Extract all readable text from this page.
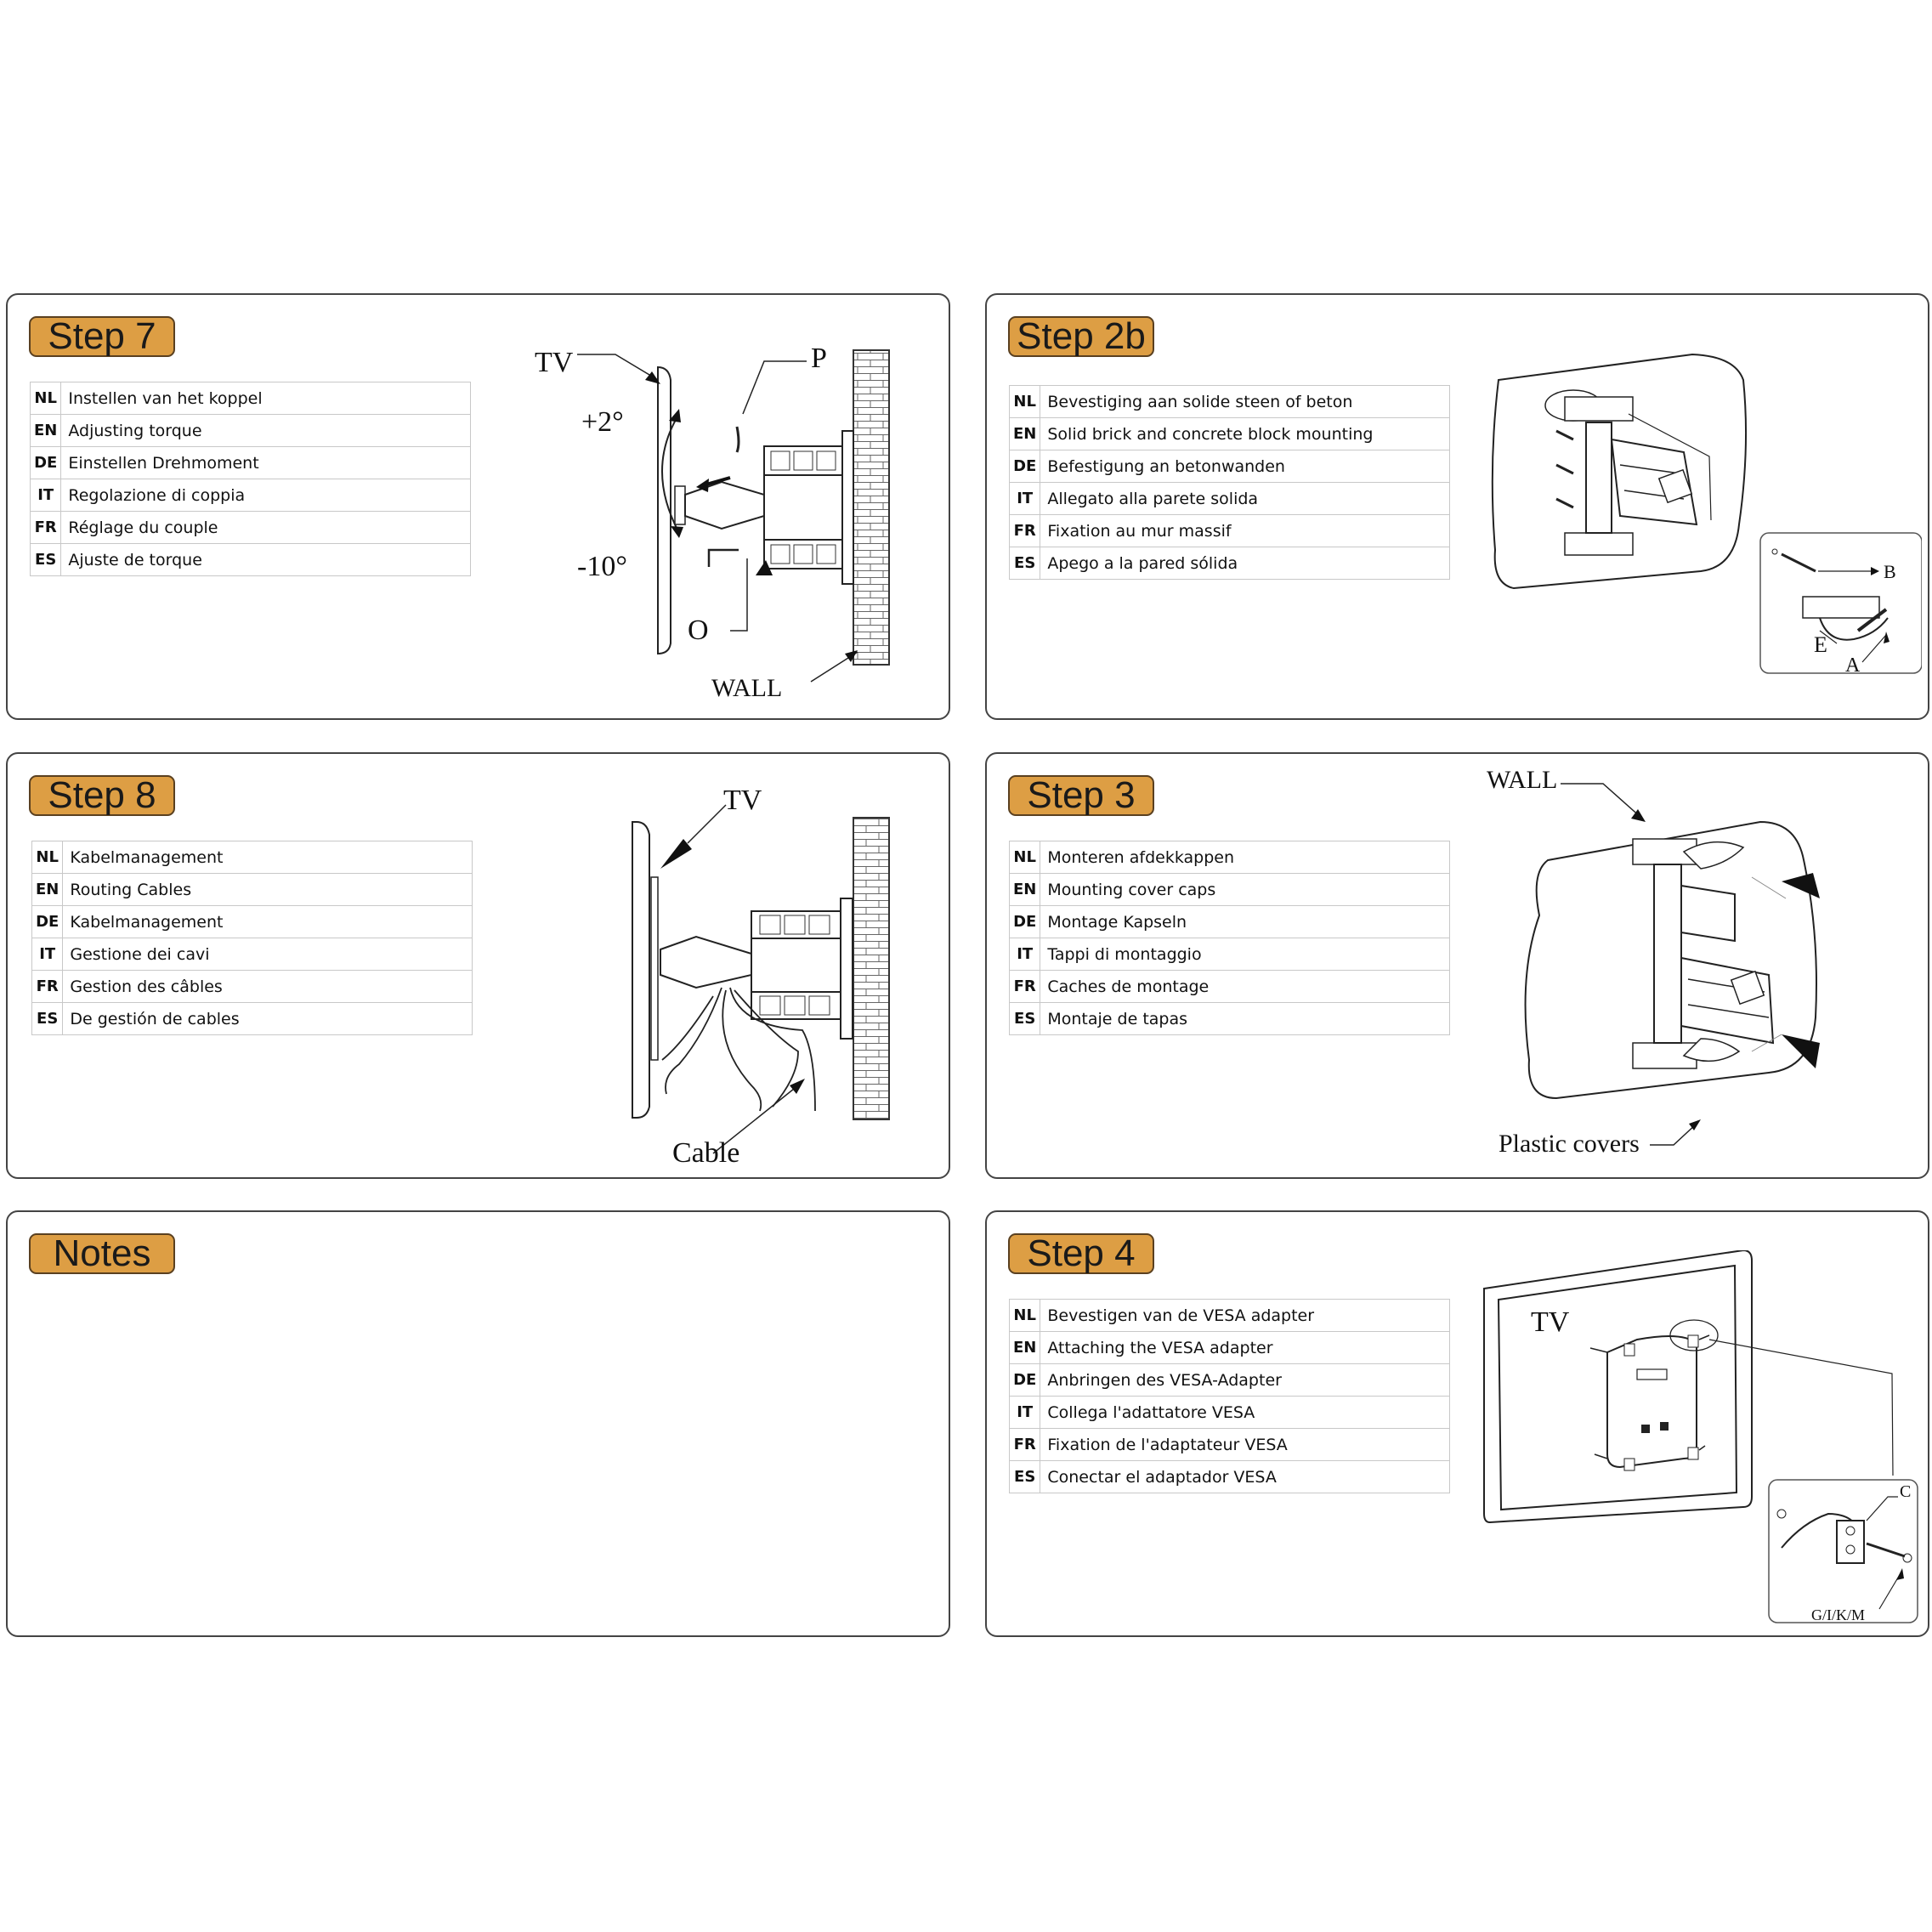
Step 7
NL	Instellen van het koppel
EN	Adjusting torque
DE	Einstellen Drehmoment
IT	Regolazione di coppia
FR	Réglage du couple
ES	Ajuste de torque
TV	P
+2°
-10°
O
WALL
Step 2b
NL	Bevestiging aan solide steen of beton
EN	Solid brick and concrete block mounting
DE	Befestigung an betonwanden
IT	Allegato alla parete solida
FR	Fixation au mur massif
ES	Apego a la pared sólida	B
E
A
Step 8
NL	Kabelmanagement
EN	Routing Cables
DE	Kabelmanagement
IT	Gestione dei cavi
FR	Gestion des câbles
ES	De gestión de cables
TV
Cable
Step 3
NL	Monteren afdekkappen
EN	Mounting cover caps
DE	Montage Kapseln
IT	Tappi di montaggio
FR	Caches de montage
ES	Montaje de tapas
WALL
Plastic covers
Notes	Step 4
NL	Bevestigen van de VESA adapter
EN	Attaching the VESA adapter
DE	Anbringen des VESA-Adapter
IT	Collega l'adattatore VESA
FR	Fixation de l'adaptateur VESA
ES	Conectar el adaptador VESA
TV
C
G/I/K/M
